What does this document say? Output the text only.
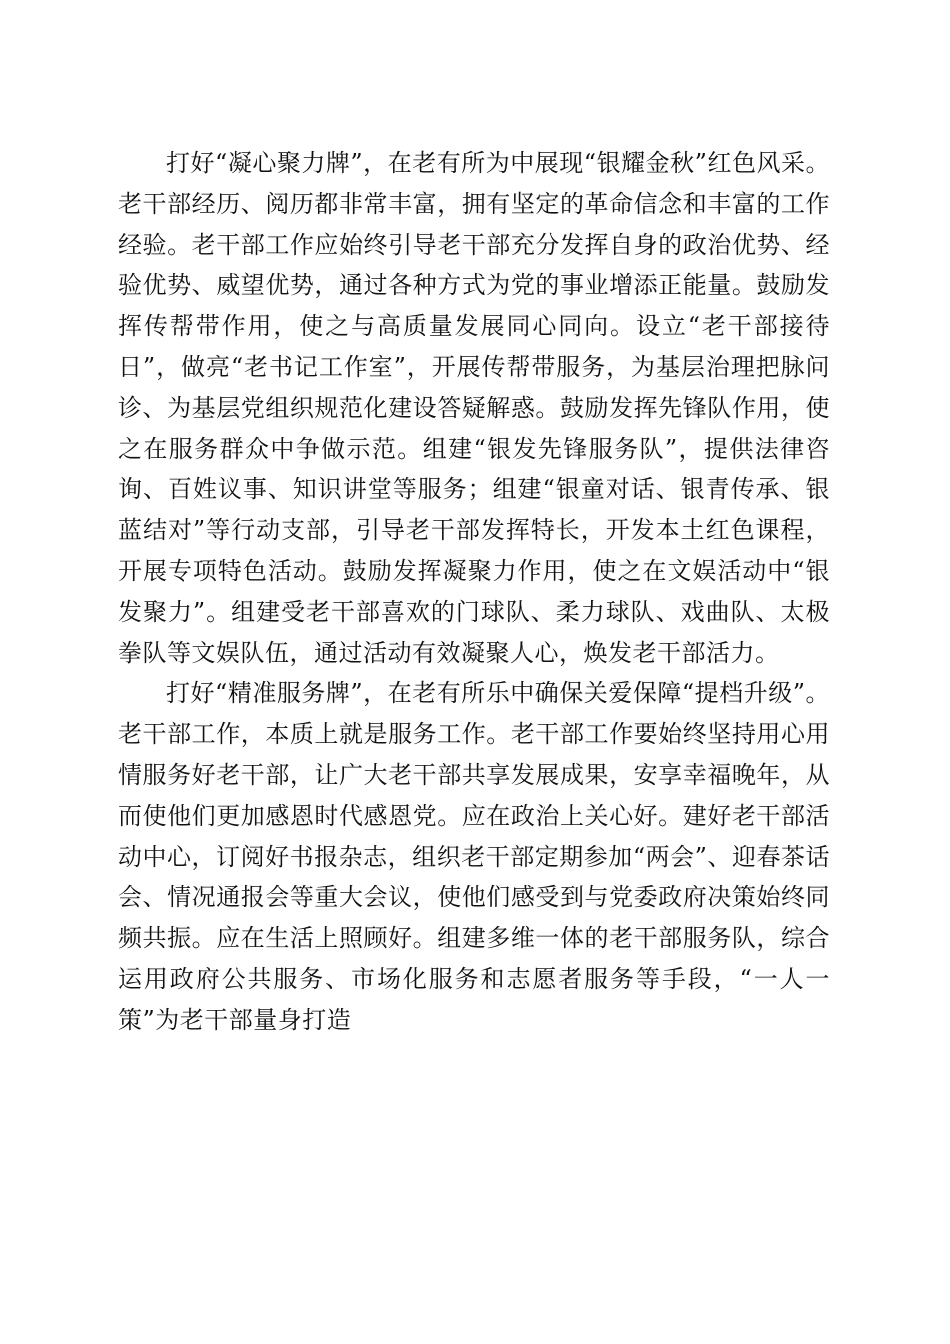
打好“凝心聚力牌”，在老有所为中展现“银耀金秋”红色风采。老干部经历、阅历都非常丰富，拥有坚定的革命信念和丰富的工作经验。老干部工作应始终引导老干部充分发挥自身的政治优势、经验优势、威望优势，通过各种方式为党的事业增添正能量。鼓励发挥传帮带作用，使之与高质量发展同心同向。设立“老干部接待日”，做亮“老书记工作室”，开展传帮带服务，为基层治理把脉问诊、为基层党组织规范化建设答疑解惑。鼓励发挥先锋队作用，使之在服务群众中争做示范。组建“银发先锋服务队”，提供法律咨询、百姓议事、知识讲堂等服务；组建“银童对话、银青传承、银蓝结对”等行动支部，引导老干部发挥特长，开发本土红色课程，开展专项特色活动。鼓励发挥凝聚力作用，使之在文娱活动中“银发聚力”。组建受老干部喜欢的门球队、柔力球队、戏曲队、太极拳队等文娱队伍，通过活动有效凝聚人心，焕发老干部活力。

打好“精准服务牌”，在老有所乐中确保关爱保障“提档升级”。老干部工作，本质上就是服务工作。老干部工作要始终坚持用心用情服务好老干部，让广大老干部共享发展成果，安享幸福晚年，从而使他们更加感恩时代感恩党。应在政治上关心好。建好老干部活动中心，订阅好书报杂志，组织老干部定期参加“两会”、迎春茶话会、情况通报会等重大会议，使他们感受到与党委政府决策始终同频共振。应在生活上照顾好。组建多维一体的老干部服务队，综合运用政府公共服务、市场化服务和志愿者服务等手段，“一人一策”为老干部量身打造
